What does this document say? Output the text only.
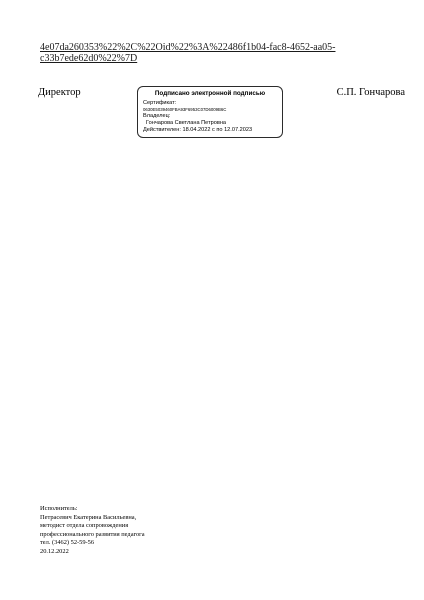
4e07da260353%22%2C%22Oid%22%3A%22486f1b04-fac8-4652-aa05-
c33b7ede62d0%22%7D
Директор	Подписано электронной подписью
Сертификат:
0630E5039460FBA93F6953C07D6009B6C
Владелец:
Гончарова Светлана Петровна
Действителен: 18.04.2022 с по 12.07.2023
С.П. Гончарова
Исполнитель:
Петрасевич Екатерина Васильевна,
методист отдела сопровождения
профессионального развития педагога
тел. (3462) 52-59-56
20.12.2022
